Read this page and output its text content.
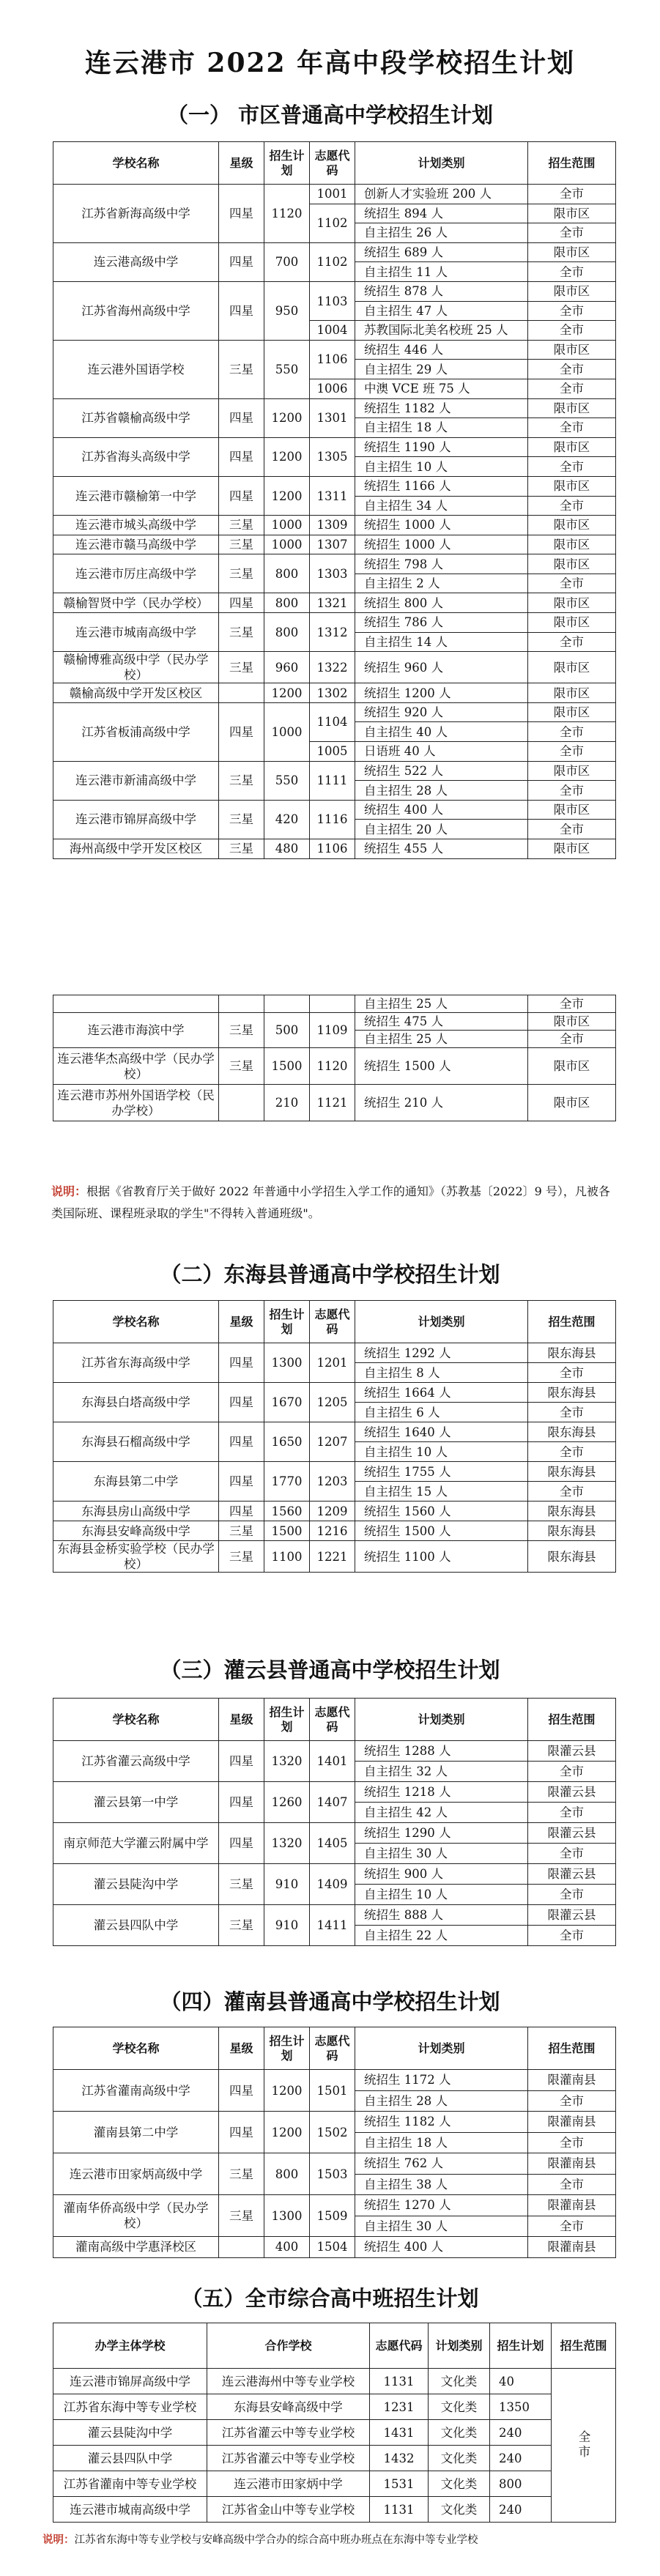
连云港市 2022 年高中段学校招生计划
（一） 市区普通高中学校招生计划
学校名称	星级	招生计划	志愿代码	计划类别	招生范围
江苏省新海高级中学	四星	1120	1001	创新人才实验班 200 人	全市
			1102	统招生 894 人	限市区
				自主招生 26 人	全市
连云港高级中学	四星	700	1102	统招生 689 人	限市区
				自主招生 11 人	全市
江苏省海州高级中学	四星	950	1103	统招生 878 人	限市区
				自主招生 47 人	全市
			1004	苏教国际北美名校班 25 人	全市
连云港外国语学校	三星	550	1106	统招生 446 人	限市区
				自主招生 29 人	全市
			1006	中澳 VCE 班 75 人	全市
江苏省赣榆高级中学	四星	1200	1301	统招生 1182 人	限市区
				自主招生 18 人	全市
江苏省海头高级中学	四星	1200	1305	统招生 1190 人	限市区
				自主招生 10 人	全市
连云港市赣榆第一中学	四星	1200	1311	统招生 1166 人	限市区
				自主招生 34 人	全市
连云港市城头高级中学	三星	1000	1309	统招生 1000 人	限市区
连云港市赣马高级中学	三星	1000	1307	统招生 1000 人	限市区
连云港市厉庄高级中学	三星	800	1303	统招生 798 人	限市区
				自主招生 2 人	全市
赣榆智贤中学（民办学校）	四星	800	1321	统招生 800 人	限市区
连云港市城南高级中学	三星	800	1312	统招生 786 人	限市区
				自主招生 14 人	全市
赣榆博雅高级中学（民办学校）	三星	960	1322	统招生 960 人	限市区
赣榆高级中学开发区校区		1200	1302	统招生 1200 人	限市区
江苏省板浦高级中学	四星	1000	1104	统招生 920 人	限市区
				自主招生 40 人	全市
			1005	日语班 40 人	全市
连云港市新浦高级中学	三星	550	1111	统招生 522 人	限市区
				自主招生 28 人	全市
连云港市锦屏高级中学	三星	420	1116	统招生 400 人	限市区
				自主招生 20 人	全市
海州高级中学开发区校区	三星	480	1106	统招生 455 人	限市区
				自主招生 25 人	全市
连云港市海滨中学	三星	500	1109	统招生 475 人	限市区
				自主招生 25 人	全市
连云港华杰高级中学（民办学校）	三星	1500	1120	统招生 1500 人	限市区
连云港市苏州外国语学校（民办学校）		210	1121	统招生 210 人	限市区
说明：根据《省教育厅关于做好 2022 年普通中小学招生入学工作的通知》（苏教基〔2022〕9 号），凡被各类国际班、课程班录取的学生"不得转入普通班级"。
（二）东海县普通高中学校招生计划
学校名称	星级	招生计划	志愿代码	计划类别	招生范围
江苏省东海高级中学	四星	1300	1201	统招生 1292 人	限东海县
				自主招生 8 人	全市
东海县白塔高级中学	四星	1670	1205	统招生 1664 人	限东海县
				自主招生 6 人	全市
东海县石榴高级中学	四星	1650	1207	统招生 1640 人	限东海县
				自主招生 10 人	全市
东海县第二中学	四星	1770	1203	统招生 1755 人	限东海县
				自主招生 15 人	全市
东海县房山高级中学	四星	1560	1209	统招生 1560 人	限东海县
东海县安峰高级中学	三星	1500	1216	统招生 1500 人	限东海县
东海县金桥实验学校（民办学校）	三星	1100	1221	统招生 1100 人	限东海县
（三）灌云县普通高中学校招生计划
学校名称	星级	招生计划	志愿代码	计划类别	招生范围
江苏省灌云高级中学	四星	1320	1401	统招生 1288 人	限灌云县
				自主招生 32 人	全市
灌云县第一中学	四星	1260	1407	统招生 1218 人	限灌云县
				自主招生 42 人	全市
南京师范大学灌云附属中学	四星	1320	1405	统招生 1290 人	限灌云县
				自主招生 30 人	全市
灌云县陡沟中学	三星	910	1409	统招生 900 人	限灌云县
				自主招生 10 人	全市
灌云县四队中学	三星	910	1411	统招生 888 人	限灌云县
				自主招生 22 人	全市
（四）灌南县普通高中学校招生计划
学校名称	星级	招生计划	志愿代码	计划类别	招生范围
江苏省灌南高级中学	四星	1200	1501	统招生 1172 人	限灌南县
				自主招生 28 人	全市
灌南县第二中学	四星	1200	1502	统招生 1182 人	限灌南县
				自主招生 18 人	全市
连云港市田家炳高级中学	三星	800	1503	统招生 762 人	限灌南县
				自主招生 38 人	全市
灌南华侨高级中学（民办学校）	三星	1300	1509	统招生 1270 人	限灌南县
				自主招生 30 人	全市
灌南高级中学惠泽校区		400	1504	统招生 400 人	限灌南县
（五）全市综合高中班招生计划
办学主体学校	合作学校	志愿代码	计划类别	招生计划	招生范围
连云港市锦屏高级中学	连云港海州中等专业学校	1131	文化类	40	全市
江苏省东海中等专业学校	东海县安峰高级中学	1231	文化类	1350	
灌云县陡沟中学	江苏省灌云中等专业学校	1431	文化类	240	
灌云县四队中学	江苏省灌云中等专业学校	1432	文化类	240	
江苏省灌南中等专业学校	连云港市田家炳中学	1531	文化类	800	
连云港市城南高级中学	江苏省金山中等专业学校	1131	文化类	240	
说明：江苏省东海中等专业学校与安峰高级中学合办的综合高中班办班点在东海中等专业学校
